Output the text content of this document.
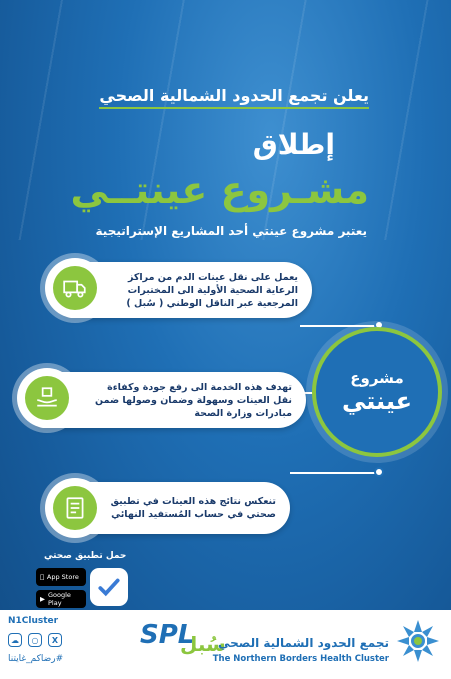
يعلن تجمع الحدود الشمالية الصحي
إطلاق
مشـروع عينتــي
يعتبر مشروع عينتي أحد المشاريع الإستراتيجية
يعمل على نقل عينات الدم من مراكز الرعاية الصحية الأولية الى المختبرات المرجعية عبر الناقل الوطني ( سُبل )
تهدف هذه الخدمة الى رفع جودة وكفاءة نقل العينات وسهولة وضمان وصولها ضمن مبادرات وزارة الصحة
تنعكس نتائج هذه العينات في تطبيق صحتي في حساب المُستفيد النهائي
مشروع
عينتي
حمل تطبيق صحتي
App Store
▶ Google Play
N1Cluster
☁	○	X
#رضاكم_غايتنا
SPL
سُبل
تجمع الحدود الشمالية الصحي
The Northern Borders Health Cluster
